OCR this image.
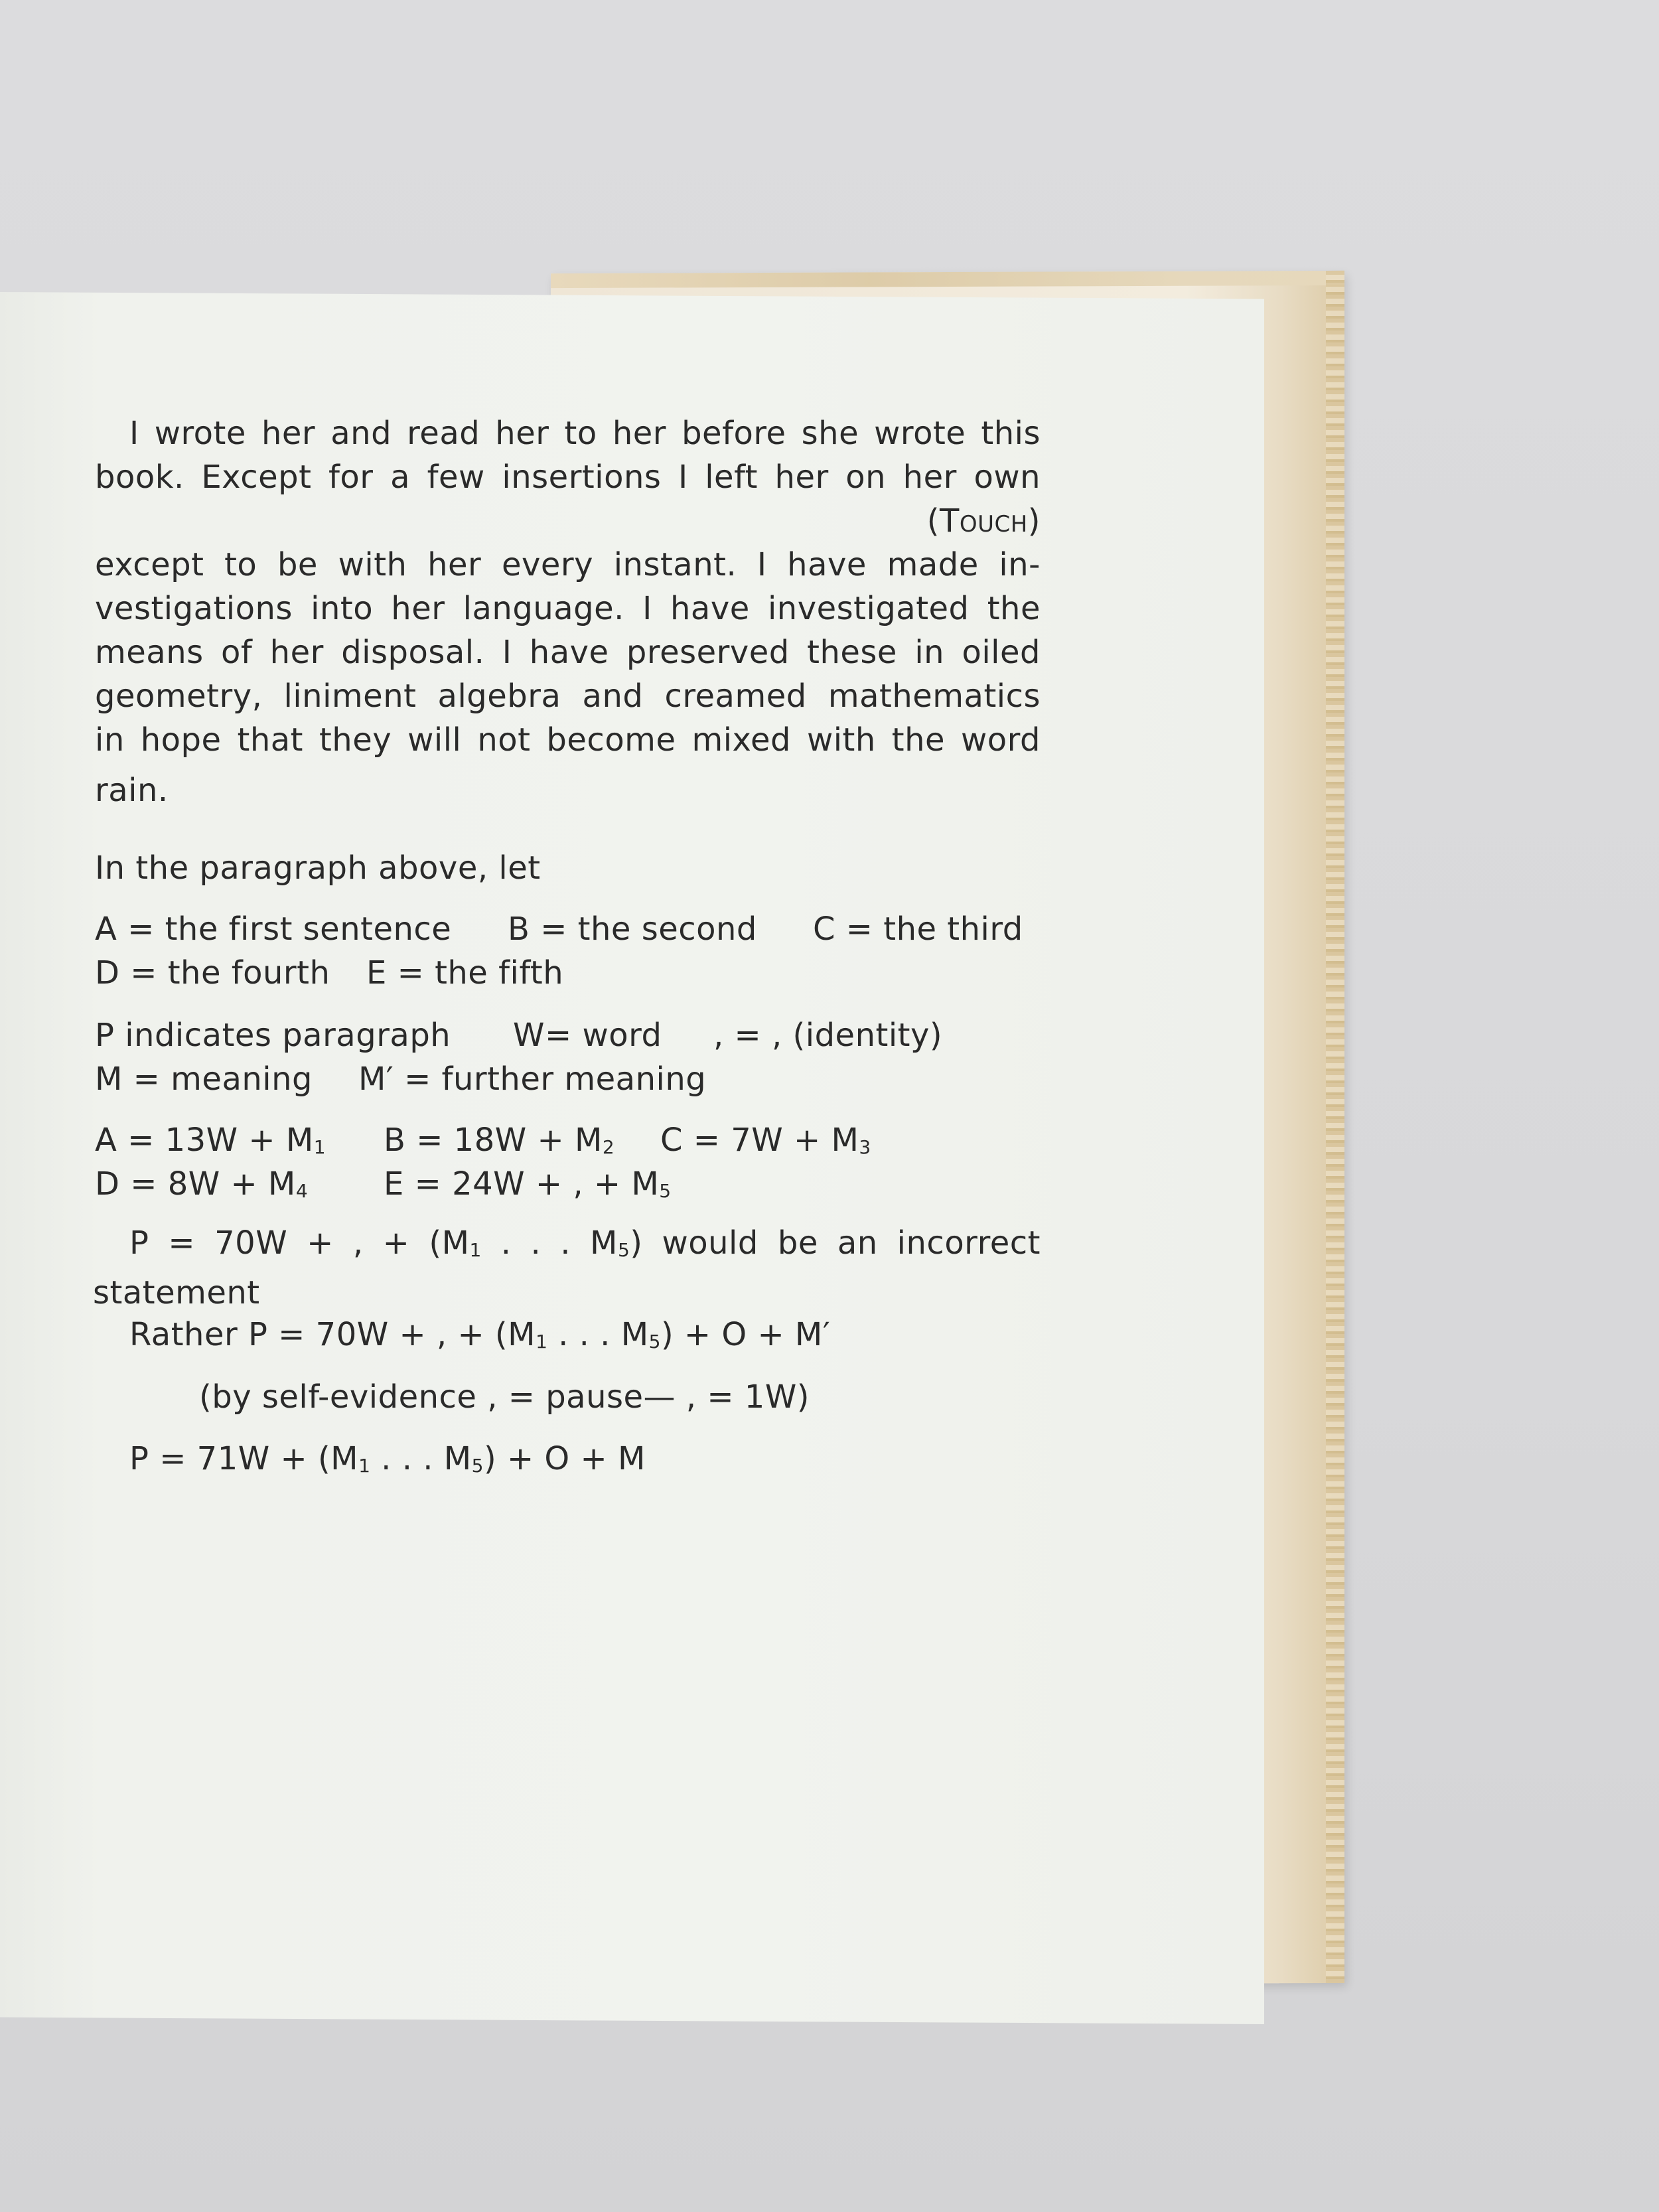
I wrote her and read her to her before she wrote this
book. Except for a few insertions I left her on her own
(Touch)
except to be with her every instant. I have made in-
vestigations into her language. I have investigated the
means of her disposal. I have preserved these in oiled
geometry, liniment algebra and creamed mathematics
in hope that they will not become mixed with the word
rain.
In the paragraph above, let
A = the first sentence B = the second C = the third
D = the fourth E = the fifth
P indicates paragraph W= word , = , (identity)
M = meaning M′ = further meaning
$A = 13W + M_1$ $B = 18W + M_2$ $C = 7W + M_3$
$D = 8W + M_4$ E = 24W + , + $M_5$
P = 70W + , + ($M_1$ . . . $M_5$) would be an incorrect
statement
Rather P = 70W + , + ($M_1$ . . . $M_5) + O + M'$
(by self-evidence , = pause— , = 1W)
$P = 71W + (M_1$ . . . $M_5) + O + M$
